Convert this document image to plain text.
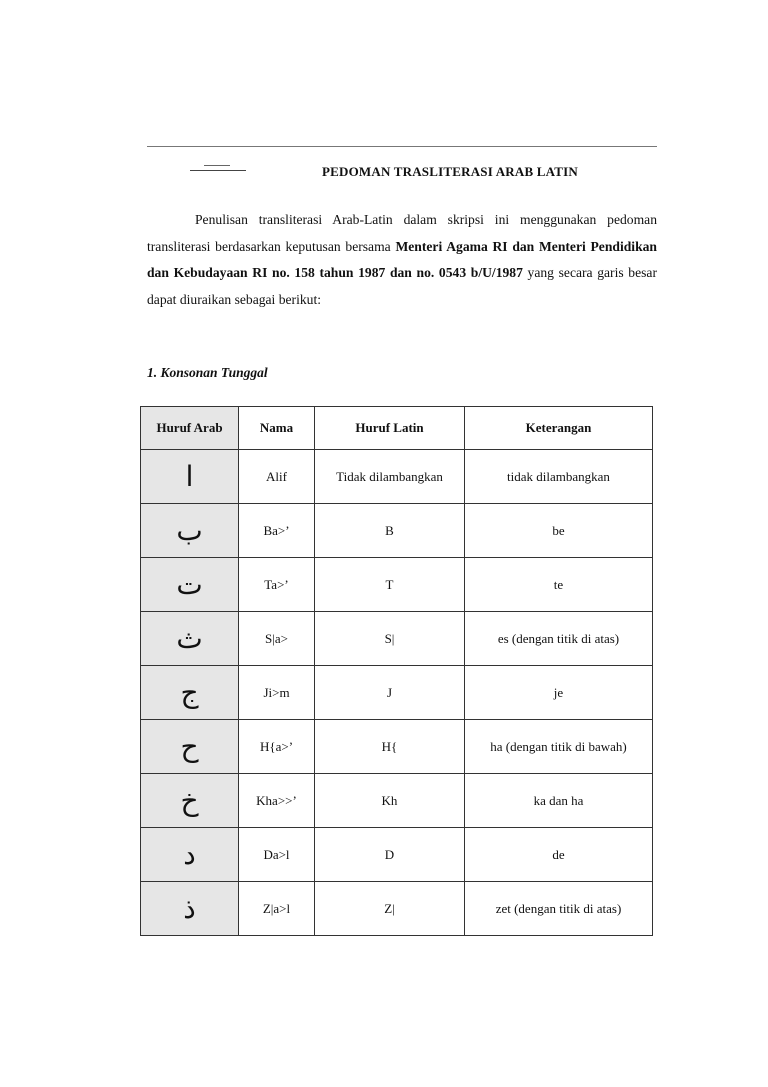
PEDOMAN TRASLITERASI ARAB LATIN
Penulisan transliterasi Arab-Latin dalam skripsi ini menggunakan pedoman transliterasi berdasarkan keputusan bersama Menteri Agama RI dan Menteri Pendidikan dan Kebudayaan RI no. 158 tahun 1987 dan no. 0543 b/U/1987 yang secara garis besar dapat diuraikan sebagai berikut:
1. Konsonan Tunggal
Huruf Arab	Nama	Huruf Latin	Keterangan
ا	Alif	Tidak dilambangkan	tidak dilambangkan
ب	Ba>’	B	be
ت	Ta>’	T	te
ث	S|a>	S|	es (dengan titik di atas)
ج	Ji>m	J	je
ح	H{a>’	H{	ha (dengan titik di bawah)
خ	Kha>>’	Kh	ka dan ha
د	Da>l	D	de
ذ	Z|a>l	Z|	zet (dengan titik di atas)
